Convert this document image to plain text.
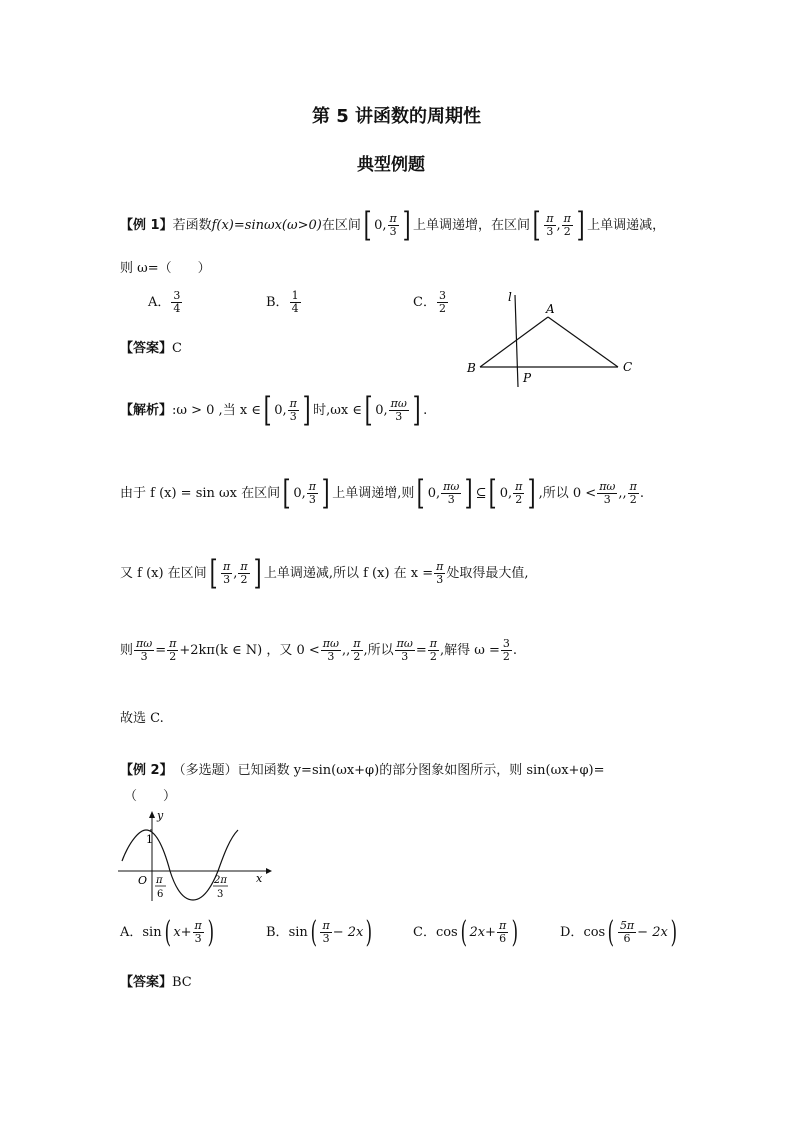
第 5 讲函数的周期性
典型例题
【例 1】 若函数 f(x)=sinωx(ω>0) 在区间 [ 0, $\frac{\pi}{3}$ ] 上单调递增，在区间 [ $\frac{\pi}{3}$ , $\frac{\pi}{2}$ ] 上单调递减，
则 ω=（　　）
A． $\frac{3}{4}$	B． $\frac{1}{4}$	C． $\frac{3}{2}$	l
A
B	C
P
【答案】 C
【解析】 :ω > 0 ,当 x ∈ [ 0, $\frac{\pi}{3}$ ] 时,ωx ∈ [ 0, $\frac{\pi\omega}{3}$ ] .
由于 f (x) = sin ωx 在区间 [ 0, $\frac{\pi}{3}$ ] 上单调递增,则 [ 0, $\frac{\pi\omega}{3}$ ] ⊆ [ 0, $\frac{\pi}{2}$ ] ,所以 $0 < \frac{\pi\omega}{3}$ ,, $\frac{\pi}{2}$ .
又 f (x) 在区间 [ $\frac{\pi}{3}$ , $\frac{\pi}{2}$ ] 上单调递减,所以 f (x) 在 $x = \frac{\pi}{3}$ 处取得最大值,
则 $\frac{\pi\omega}{3} = \frac{\pi}{2} +2k\pi(k$ ∈ N) ，又 $0 < \frac{\pi\omega}{3}$ ,, $\frac{\pi}{2}$ ,所以 $\frac{\pi\omega}{3} = \frac{\pi}{2}$ ,解得 $\omega = \frac{3}{2}$ .
故选 C.
【例 2】 （多选题）已知函数 y=sin(ωx+φ)的部分图象如图所示，则 sin(ωx+φ)=
（　　）
y
1
O	x
π
6
2π
3
A． sin ( $x+ \frac{\pi}{3}$ )	B． sin ( $\frac{\pi}{3} - 2x$ )	C． cos ( $2x+ \frac{\pi}{6}$ )	D． cos ( $\frac{5\pi}{6} - 2x$ )
【答案】 BC
